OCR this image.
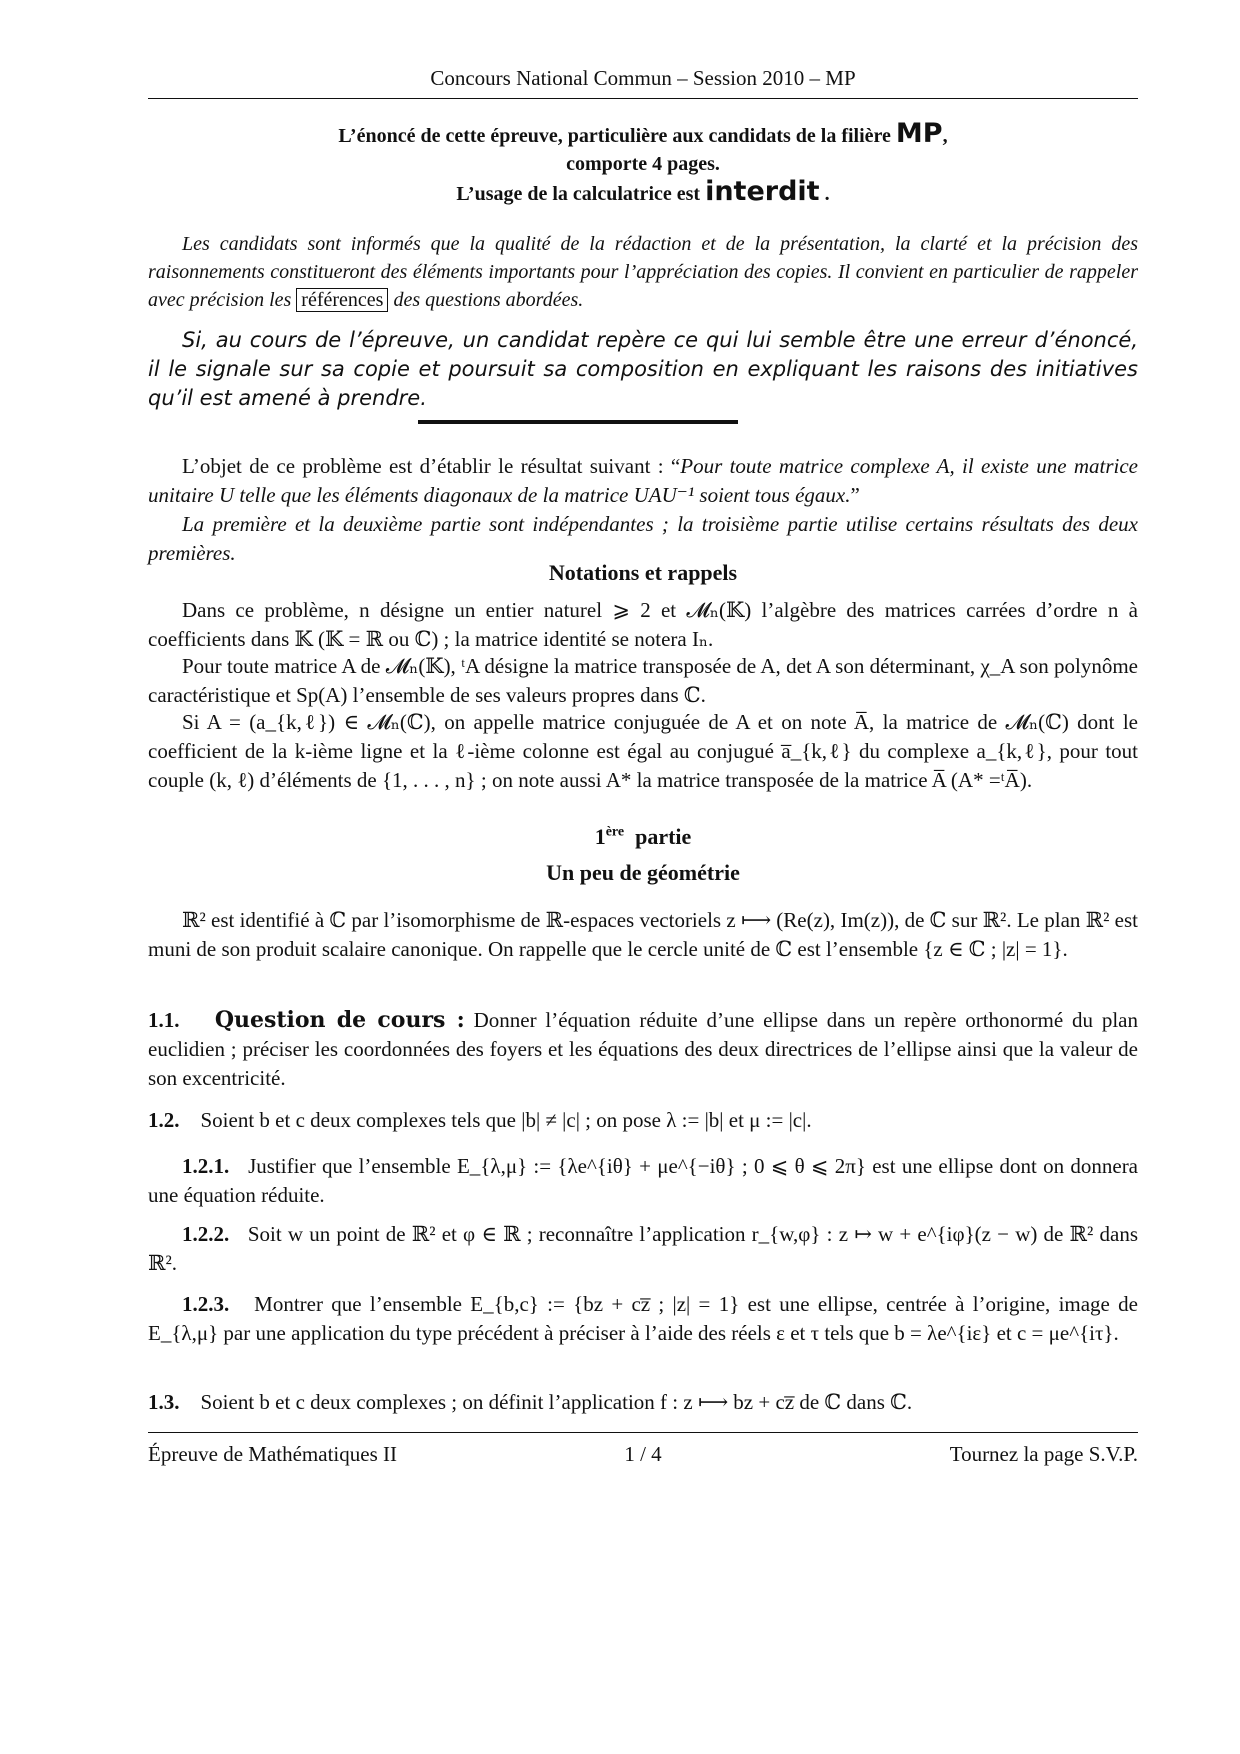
Concours National Commun – Session 2010 – MP
L’énoncé de cette épreuve, particulière aux candidats de la filière MP,
comporte 4 pages.
L’usage de la calculatrice est interdit .
Les candidats sont informés que la qualité de la rédaction et de la présentation, la clarté et la précision des raisonnements constitueront des éléments importants pour l’appréciation des copies. Il convient en particulier de rappeler avec précision les références des questions abordées.
Si, au cours de l’épreuve, un candidat repère ce qui lui semble être une erreur d’énoncé, il le signale sur sa copie et poursuit sa composition en expliquant les raisons des initiatives qu’il est amené à prendre.
L’objet de ce problème est d’établir le résultat suivant : “Pour toute matrice complexe A, il existe une matrice unitaire U telle que les éléments diagonaux de la matrice UAU⁻¹ soient tous égaux.”
La première et la deuxième partie sont indépendantes ; la troisième partie utilise certains résultats des deux premières.
Notations et rappels
Dans ce problème, n désigne un entier naturel ⩾ 2 et 𝓜ₙ(𝕂) l’algèbre des matrices carrées d’ordre n à coefficients dans 𝕂 (𝕂 = ℝ ou ℂ) ; la matrice identité se notera Iₙ.
Pour toute matrice A de 𝓜ₙ(𝕂), ᵗA désigne la matrice transposée de A, det A son déterminant, χ_A son polynôme caractéristique et Sp(A) l’ensemble de ses valeurs propres dans ℂ.
Si A = (a_{k,ℓ}) ∈ 𝓜ₙ(ℂ), on appelle matrice conjuguée de A et on note A̅, la matrice de 𝓜ₙ(ℂ) dont le coefficient de la k-ième ligne et la ℓ-ième colonne est égal au conjugué a̅_{k,ℓ} du complexe a_{k,ℓ}, pour tout couple (k, ℓ) d’éléments de {1, . . . , n} ; on note aussi A* la matrice transposée de la matrice A̅ (A* =ᵗA̅).
1ère partie
Un peu de géométrie
ℝ² est identifié à ℂ par l’isomorphisme de ℝ-espaces vectoriels z ⟼ (Re(z), Im(z)), de ℂ sur ℝ². Le plan ℝ² est muni de son produit scalaire canonique. On rappelle que le cercle unité de ℂ est l’ensemble {z ∈ ℂ ; |z| = 1}.
1.1. Question de cours : Donner l’équation réduite d’une ellipse dans un repère orthonormé du plan euclidien ; préciser les coordonnées des foyers et les équations des deux directrices de l’ellipse ainsi que la valeur de son excentricité.
1.2. Soient b et c deux complexes tels que |b| ≠ |c| ; on pose λ := |b| et μ := |c|.
1.2.1. Justifier que l’ensemble E_{λ,μ} := {λe^{iθ} + μe^{−iθ} ; 0 ⩽ θ ⩽ 2π} est une ellipse dont on donnera une équation réduite.
1.2.2. Soit w un point de ℝ² et φ ∈ ℝ ; reconnaître l’application r_{w,φ} : z ↦ w + e^{iφ}(z − w) de ℝ² dans ℝ².
1.2.3. Montrer que l’ensemble E_{b,c} := {bz + cz̅ ; |z| = 1} est une ellipse, centrée à l’origine, image de E_{λ,μ} par une application du type précédent à préciser à l’aide des réels ε et τ tels que b = λe^{iε} et c = μe^{iτ}.
1.3. Soient b et c deux complexes ; on définit l’application f : z ⟼ bz + cz̅ de ℂ dans ℂ.
Épreuve de Mathématiques II	1 / 4	Tournez la page S.V.P.
